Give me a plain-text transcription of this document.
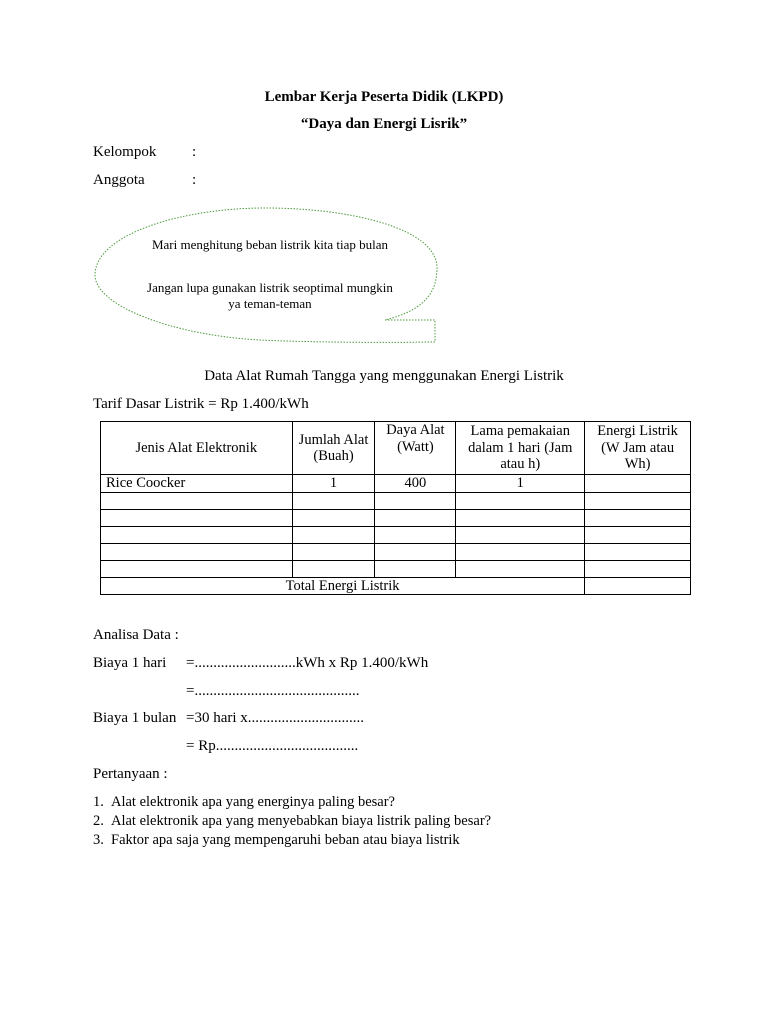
Lembar Kerja Peserta Didik (LKPD)
“Daya dan Energi Lisrik”
Kelompok :
Anggota	:
Mari menghitung beban listrik kita tiap bulan
Jangan lupa gunakan listrik seoptimal mungkin ya teman-teman
Data Alat Rumah Tangga yang menggunakan Energi Listrik
Tarif Dasar Listrik = Rp 1.400/kWh
Jenis Alat Elektronik	Jumlah Alat (Buah)	Daya Alat (Watt)	Lama pemakaian dalam 1 hari (Jam atau h)	Energi Listrik (W Jam atau Wh)
Rice Coocker	1	400	1	

Total Energi Listrik				
Analisa Data :
Biaya 1 hari =...........................kWh x Rp 1.400/kWh
=............................................
Biaya 1 bulan =30 hari x...............................
= Rp......................................
Pertanyaan :
1. Alat elektronik apa yang energinya paling besar?
2. Alat elektronik apa yang menyebabkan biaya listrik paling besar?
3. Faktor apa saja yang mempengaruhi beban atau biaya listrik
